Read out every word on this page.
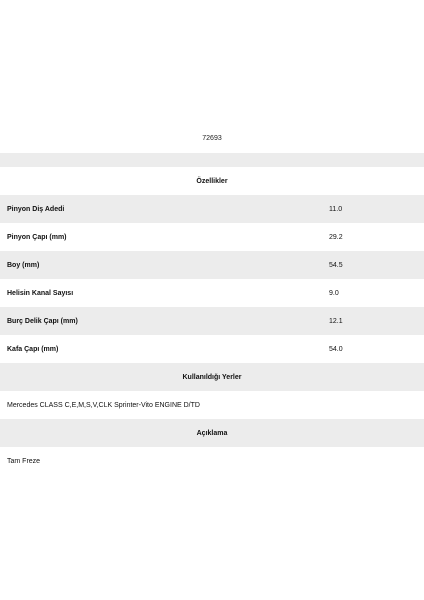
72693
Özellikler
Pinyon Diş Adedi	11.0
Pinyon Çapı (mm)	29.2
Boy (mm)	54.5
Helisin Kanal Sayısı	9.0
Burç Delik Çapı (mm)	12.1
Kafa Çapı (mm)	54.0
Kullanıldığı Yerler
Mercedes CLASS C,E,M,S,V,CLK Sprinter-Vito ENGINE D/TD
Açıklama
Tam Freze
